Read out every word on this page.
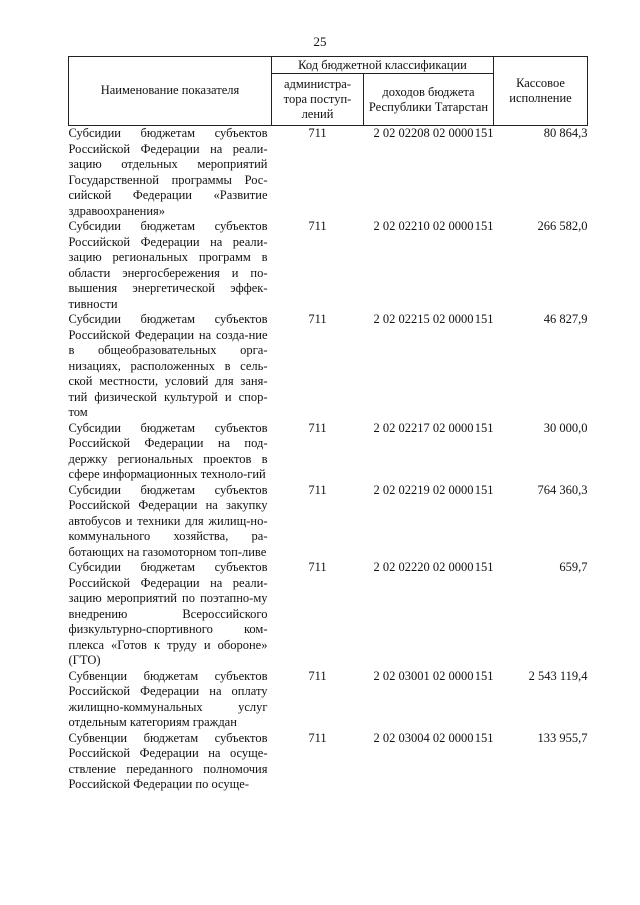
25
Наименование показателя	Код бюджетной классификации		Кассовое исполнение
	администра-тора поступ-лений	доходов бюджета Республики Татарстан	
Субсидии бюджетам субъектов Российской Федерации на реали-зацию отдельных мероприятий Государственной программы Рос-сийской Федерации «Развитие здравоохранения»	711	2 02 02208 02 0000 151	80 864,3
Субсидии бюджетам субъектов Российской Федерации на реали-зацию региональных программ в области энергосбережения и по-вышения энергетической эффек-тивности	711	2 02 02210 02 0000 151	266 582,0
Субсидии бюджетам субъектов Российской Федерации на созда-ние в общеобразовательных орга-низациях, расположенных в сель-ской местности, условий для заня-тий физической культурой и спор-том	711	2 02 02215 02 0000 151	46 827,9
Субсидии бюджетам субъектов Российской Федерации на под-держку региональных проектов в сфере информационных техноло-гий	711	2 02 02217 02 0000 151	30 000,0
Субсидии бюджетам субъектов Российской Федерации на закупку автобусов и техники для жилищ-но-коммунального хозяйства, ра-ботающих на газомоторном топ-ливе	711	2 02 02219 02 0000 151	764 360,3
Субсидии бюджетам субъектов Российской Федерации на реали-зацию мероприятий по поэтапно-му внедрению Всероссийского физкультурно-спортивного ком-плекса «Готов к труду и обороне» (ГТО)	711	2 02 02220 02 0000 151	659,7
Субвенции бюджетам субъектов Российской Федерации на оплату жилищно-коммунальных услуг отдельным категориям граждан	711	2 02 03001 02 0000 151	2 543 119,4
Субвенции бюджетам субъектов Российской Федерации на осуще-ствление переданного полномочия Российской Федерации по осуще-	711	2 02 03004 02 0000 151	133 955,7
